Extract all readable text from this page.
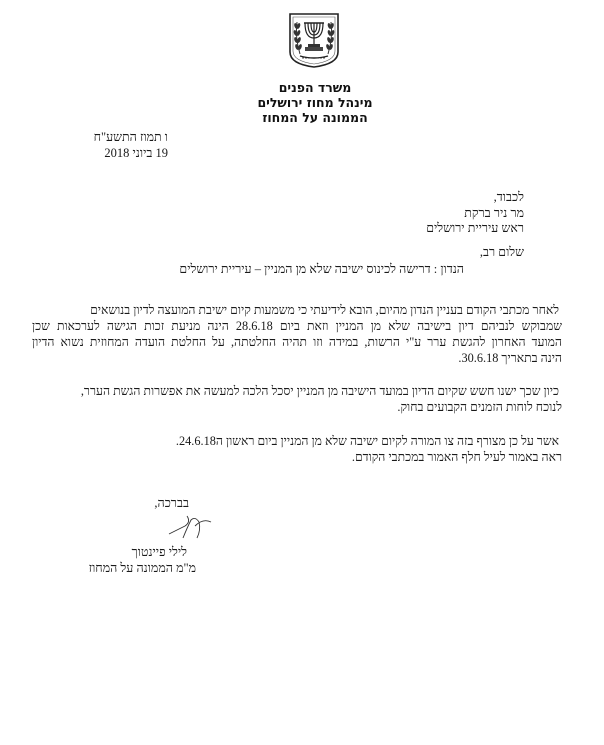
משרד הפנים
מינהל מחוז ירושלים
הממונה על המחוז
ו תמוז התשע"ח
19 ביוני 2018
לכבוד,
מר ניר ברקת
ראש עיריית ירושלים
שלום רב,
הנדון : דרישה לכינוס ישיבה שלא מן המניין – עיריית ירושלים
לאחר מכתבי הקודם בעניין הנדון מהיום, הובא לידיעתי כי משמעות קיום ישיבת המועצה לדיון בנושאים
שמבוקש לנביהם דיון בישיבה שלא מן המניין וזאת ביום 28.6.18 הינה מניעת זכות הגישה לערכאות שכן
המועד האחרון להגשת ערר ע"י הרשות, במידה וזו תהיה החלטתה, על החלטת הועדה המחוזית נשוא הדיון
הינה בתאריך 30.6.18.
כיון שכך ישנו חשש שקיום הדיון במועד הישיבה מן המניין יסכל הלכה למעשה את אפשרות הגשת הערר,
לנוכח לוחות הזמנים הקבועים בחוק.
אשר על כן מצורף בזה צו המורה לקיום ישיבה שלא מן המניין ביום ראשון ה24.6.18.
ראה באמור לעיל חלף האמור במכתבי הקודם.
בברכה,
לילי פיינטוך
מ"מ הממונה על המחוז
